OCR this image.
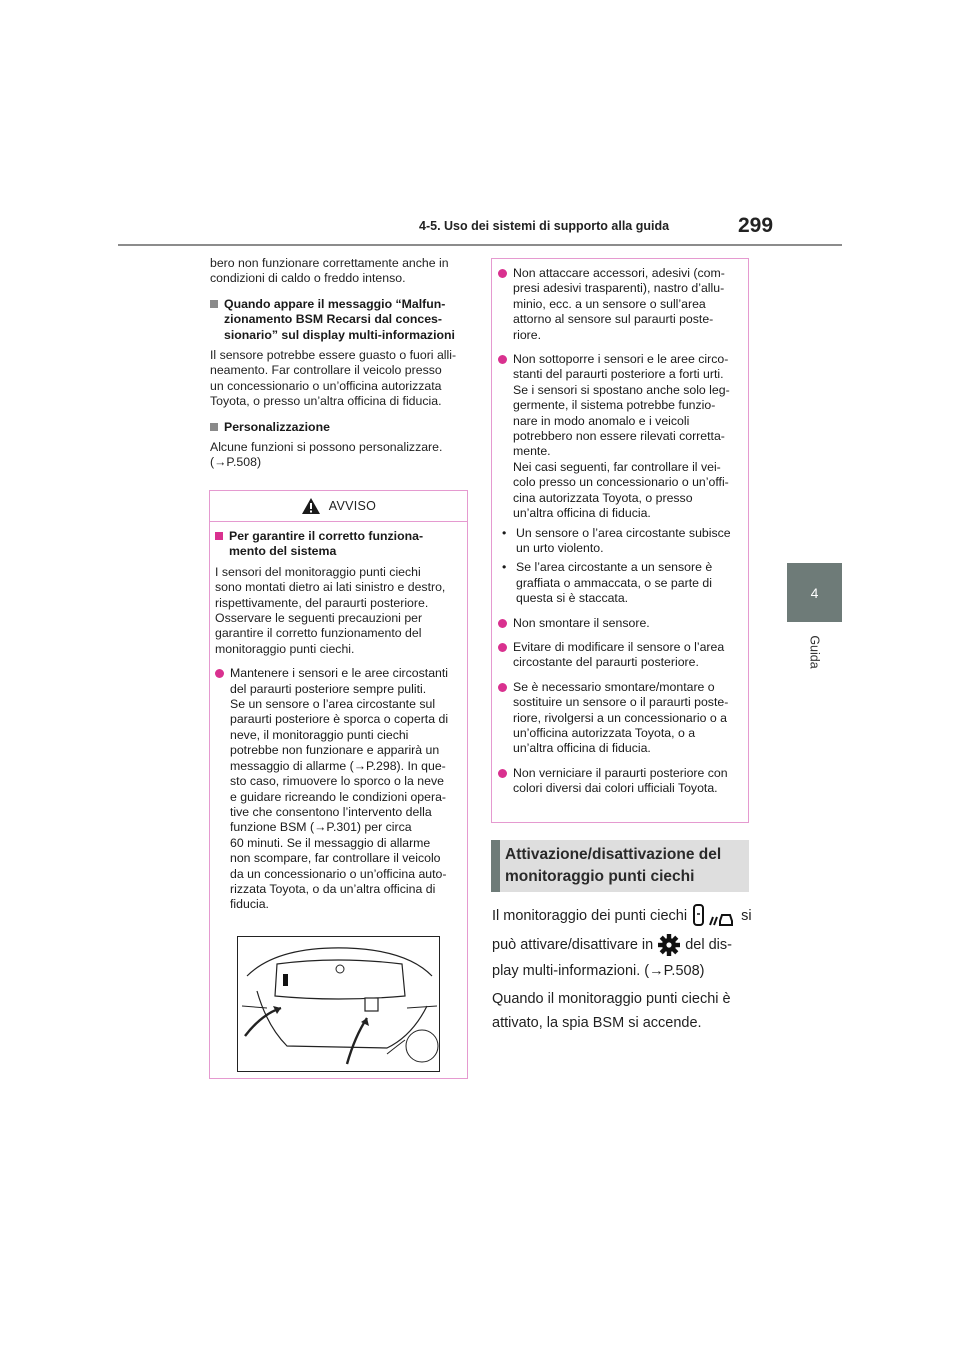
4-5. Uso dei sistemi di supporto alla guida	299
4
Guida

bero non funzionare correttamente anche in

condizioni di caldo o freddo intenso.

Quando appare il messaggio “Malfun-
zionamento BSM Recarsi dal conces-
sionario” sul display multi-informazioni

Il sensore potrebbe essere guasto o fuori alli-

neamento. Far controllare il veicolo presso

un concessionario o un’officina autorizzata

Toyota, o presso un’altra officina di fiducia.

Personalizzazione

Alcune funzioni si possono personalizzare.

(→P.508)

AVVISO
Per garantire il corretto funziona-
mento del sistema

I sensori del monitoraggio punti ciechi

sono montati dietro ai lati sinistro e destro,

rispettivamente, del paraurti posteriore.

Osservare le seguenti precauzioni per

garantire il corretto funzionamento del

monitoraggio punti ciechi.

Mantenere i sensori e le aree circostanti
del paraurti posteriore sempre puliti.
Se un sensore o l’area circostante sul
paraurti posteriore è sporca o coperta di
neve, il monitoraggio punti ciechi
potrebbe non funzionare e apparirà un
messaggio di allarme (→P.298). In que-
sto caso, rimuovere lo sporco o la neve
e guidare ricreando le condizioni opera-
tive che consentono l’intervento della
funzione BSM (→P.301) per circa
60 minuti. Se il messaggio di allarme
non scompare, far controllare il veicolo
da un concessionario o un’officina auto-
rizzata Toyota, o da un’altra officina di
fiducia.
Non attaccare accessori, adesivi (com-
presi adesivi trasparenti), nastro d’allu-
minio, ecc. a un sensore o sull’area
attorno al sensore sul paraurti poste-
riore.
Non sottoporre i sensori e le aree circo-
stanti del paraurti posteriore a forti urti.
Se i sensori si spostano anche solo leg-
germente, il sistema potrebbe funzio-
nare in modo anomalo e i veicoli
potrebbero non essere rilevati corretta-
mente.
Nei casi seguenti, far controllare il vei-
colo presso un concessionario o un’offi-
cina autorizzata Toyota, o presso
un’altra officina di fiducia.
• Un sensore o l’area circostante subisce
un urto violento.
• Se l’area circostante a un sensore è
graffiata o ammaccata, o se parte di
questa si è staccata.
Non smontare il sensore.
Evitare di modificare il sensore o l’area
circostante del paraurti posteriore.
Se è necessario smontare/montare o
sostituire un sensore o il paraurti poste-
riore, rivolgersi a un concessionario o a
un’officina autorizzata Toyota, o a
un’altra officina di fiducia.
Non verniciare il paraurti posteriore con
colori diversi dai colori ufficiali Toyota.
Attivazione/disattivazione del
monitoraggio punti ciechi
Il monitoraggio dei punti ciechi	si
può attivare/disattivare in del dis-
play multi-informazioni. (→P.508)
Quando il monitoraggio punti ciechi è
attivato, la spia BSM si accende.
